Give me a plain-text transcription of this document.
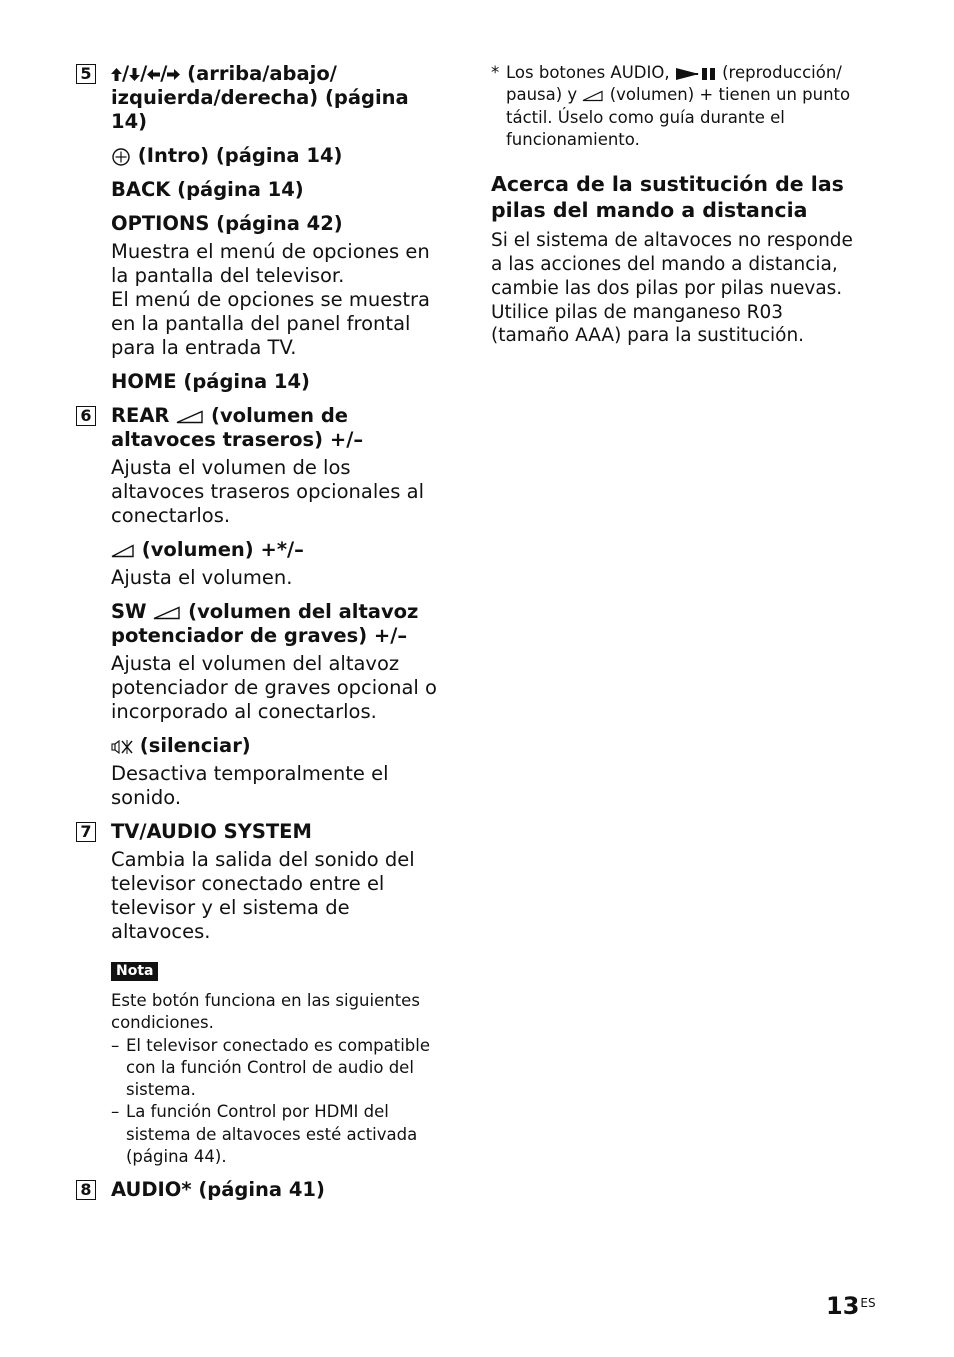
5	/ / / (arriba/abajo/ izquierda/derecha) (página 14)
(Intro) (página 14)
BACK (página 14)
OPTIONS (página 42)
Muestra el menú de opciones en la pantalla del televisor.
El menú de opciones se muestra en la pantalla del panel frontal para la entrada TV.
HOME (página 14)
6 REAR (volumen de altavoces traseros) +/–
Ajusta el volumen de los altavoces traseros opcionales al conectarlos.
(volumen) +*/–
Ajusta el volumen.
SW (volumen del altavoz potenciador de graves) +/–
Ajusta el volumen del altavoz potenciador de graves opcional o incorporado al conectarlos.
(silenciar)
Desactiva temporalmente el sonido.
7 TV/AUDIO SYSTEM
Cambia la salida del sonido del televisor conectado entre el televisor y el sistema de altavoces.
Nota
Este botón funciona en las siguientes condiciones.
– El televisor conectado es compatible con la función Control de audio del sistema.
– La función Control por HDMI del sistema de altavoces esté activada (página 44).
8 AUDIO* (página 41)
* Los botones AUDIO,	(reproducción/ pausa) y (volumen) + tienen un punto táctil. Úselo como guía durante el funcionamiento.
Acerca de la sustitución de las pilas del mando a distancia
Si el sistema de altavoces no responde a las acciones del mando a distancia, cambie las dos pilas por pilas nuevas. Utilice pilas de manganeso R03 (tamaño AAA) para la sustitución.
$13^{ES}$
